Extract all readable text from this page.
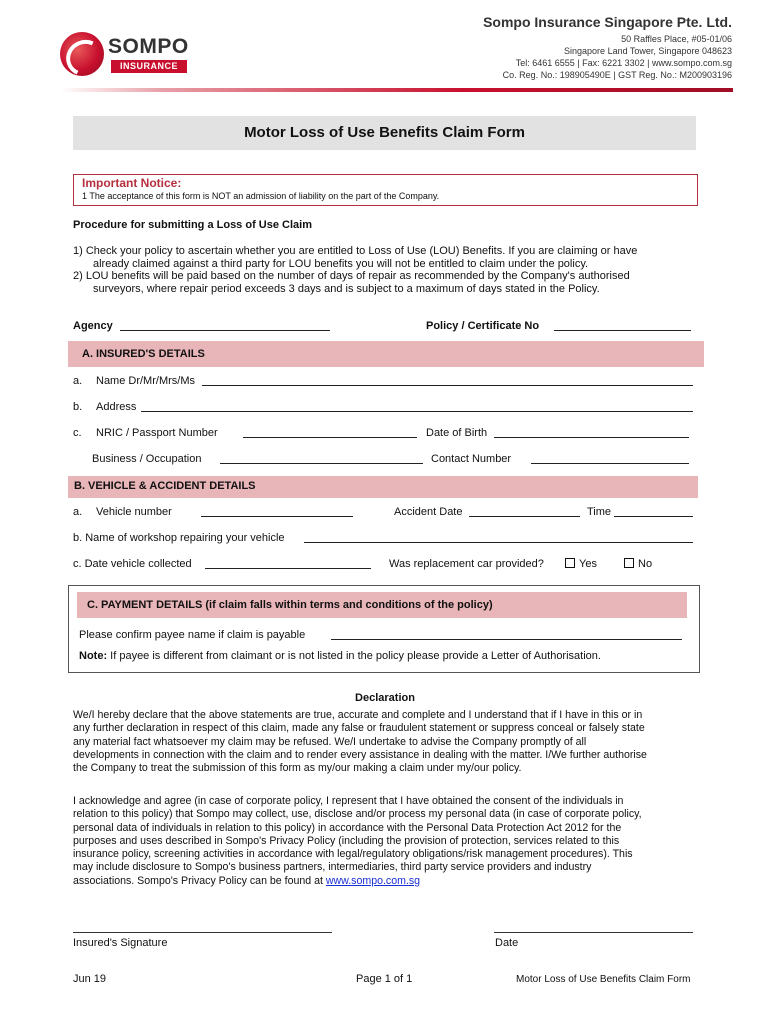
SOMPO
INSURANCE
Sompo Insurance Singapore Pte. Ltd.
50 Raffles Place, #05-01/06
Singapore Land Tower, Singapore 048623
Tel: 6461 6555 | Fax: 6221 3302 | www.sompo.com.sg
Co. Reg. No.: 198905490E | GST Reg. No.: M200903196
Motor Loss of Use Benefits Claim Form
Important Notice:
1 The acceptance of this form is NOT an admission of liability on the part of the Company.
Procedure for submitting a Loss of Use Claim
1) Check your policy to ascertain whether you are entitled to Loss of Use (LOU) Benefits. If you are claiming or have
already claimed against a third party for LOU benefits you will not be entitled to claim under the policy.
2) LOU benefits will be paid based on the number of days of repair as recommended by the Company's authorised
surveyors, where repair period exceeds 3 days and is subject to a maximum of days stated in the Policy.
Agency	Policy / Certificate No
A. INSURED'S DETAILS
a. Name Dr/Mr/Mrs/Ms
b. Address
c. NRIC / Passport Number	Date of Birth
Business / Occupation	Contact Number
B. VEHICLE & ACCIDENT DETAILS
a. Vehicle number	Accident Date	Time
b. Name of workshop repairing your vehicle
c. Date vehicle collected	Was replacement car provided?	Yes	No
C. PAYMENT DETAILS (if claim falls within terms and conditions of the policy)
Please confirm payee name if claim is payable
Note: If payee is different from claimant or is not listed in the policy please provide a Letter of Authorisation.
Declaration
We/I hereby declare that the above statements are true, accurate and complete and I understand that if I have in this or in
any further declaration in respect of this claim, made any false or fraudulent statement or suppress conceal or falsely state
any material fact whatsoever my claim may be refused. We/I undertake to advise the Company promptly of all
developments in connection with the claim and to render every assistance in dealing with the matter. I/We further authorise
the Company to treat the submission of this form as my/our making a claim under my/our policy.
I acknowledge and agree (in case of corporate policy, I represent that I have obtained the consent of the individuals in
relation to this policy) that Sompo may collect, use, disclose and/or process my personal data (in case of corporate policy,
personal data of individuals in relation to this policy) in accordance with the Personal Data Protection Act 2012 for the
purposes and uses described in Sompo's Privacy Policy (including the provision of protection, services related to this
insurance policy, screening activities in accordance with legal/regulatory obligations/risk management procedures). This
may include disclosure to Sompo's business partners, intermediaries, third party service providers and industry
associations. Sompo's Privacy Policy can be found at www.sompo.com.sg
Insured's Signature	Date
Jun 19	Page 1 of 1	Motor Loss of Use Benefits Claim Form
